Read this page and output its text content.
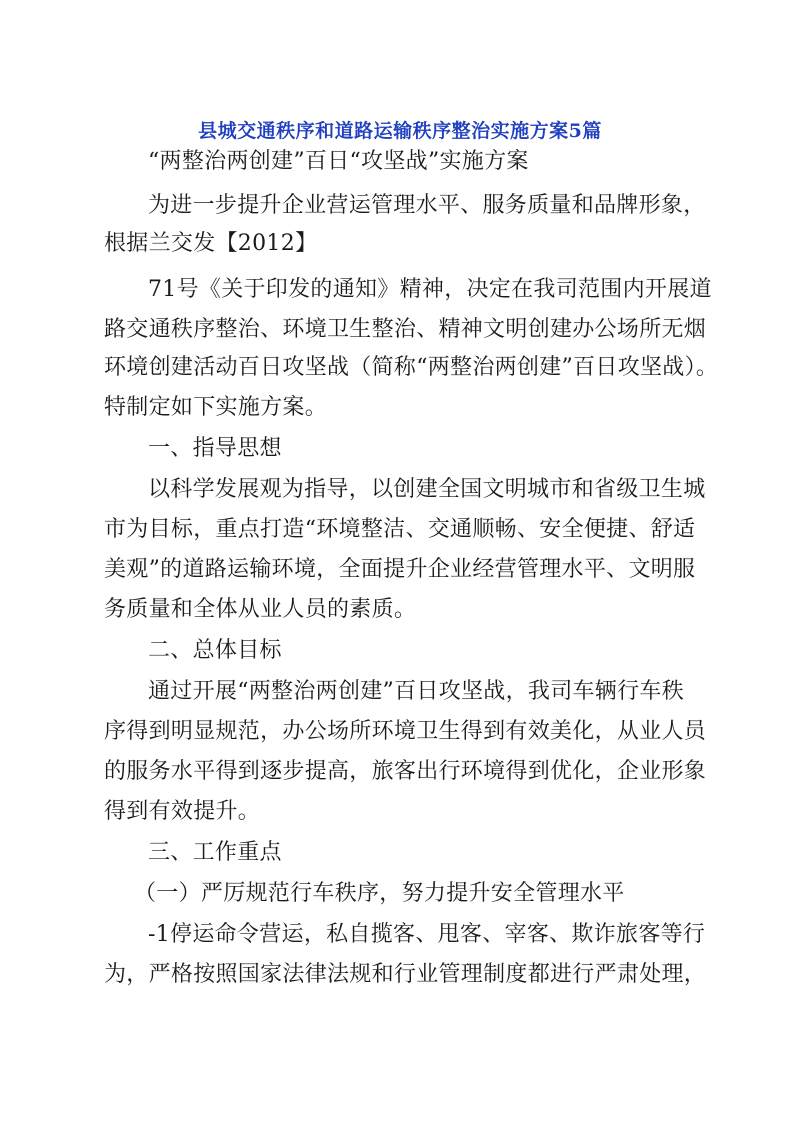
县城交通秩序和道路运输秩序整治实施方案5篇
“两整治两创建”百日“攻坚战”实施方案
为进一步提升企业营运管理水平、服务质量和品牌形象，
根据兰交发【2012】
71号《关于印发的通知》精神，决定在我司范围内开展道
路交通秩序整治、环境卫生整治、精神文明创建办公场所无烟
环境创建活动百日攻坚战（简称“两整治两创建”百日攻坚战）。
特制定如下实施方案。
一、指导思想
以科学发展观为指导，以创建全国文明城市和省级卫生城
市为目标，重点打造“环境整洁、交通顺畅、安全便捷、舒适
美观”的道路运输环境，全面提升企业经营管理水平、文明服
务质量和全体从业人员的素质。
二、总体目标
通过开展“两整治两创建”百日攻坚战，我司车辆行车秩
序得到明显规范，办公场所环境卫生得到有效美化，从业人员
的服务水平得到逐步提高，旅客出行环境得到优化，企业形象
得到有效提升。
三、工作重点
（一）严厉规范行车秩序，努力提升安全管理水平
-1停运命令营运，私自揽客、甩客、宰客、欺诈旅客等行
为，严格按照国家法律法规和行业管理制度都进行严肃处理，
